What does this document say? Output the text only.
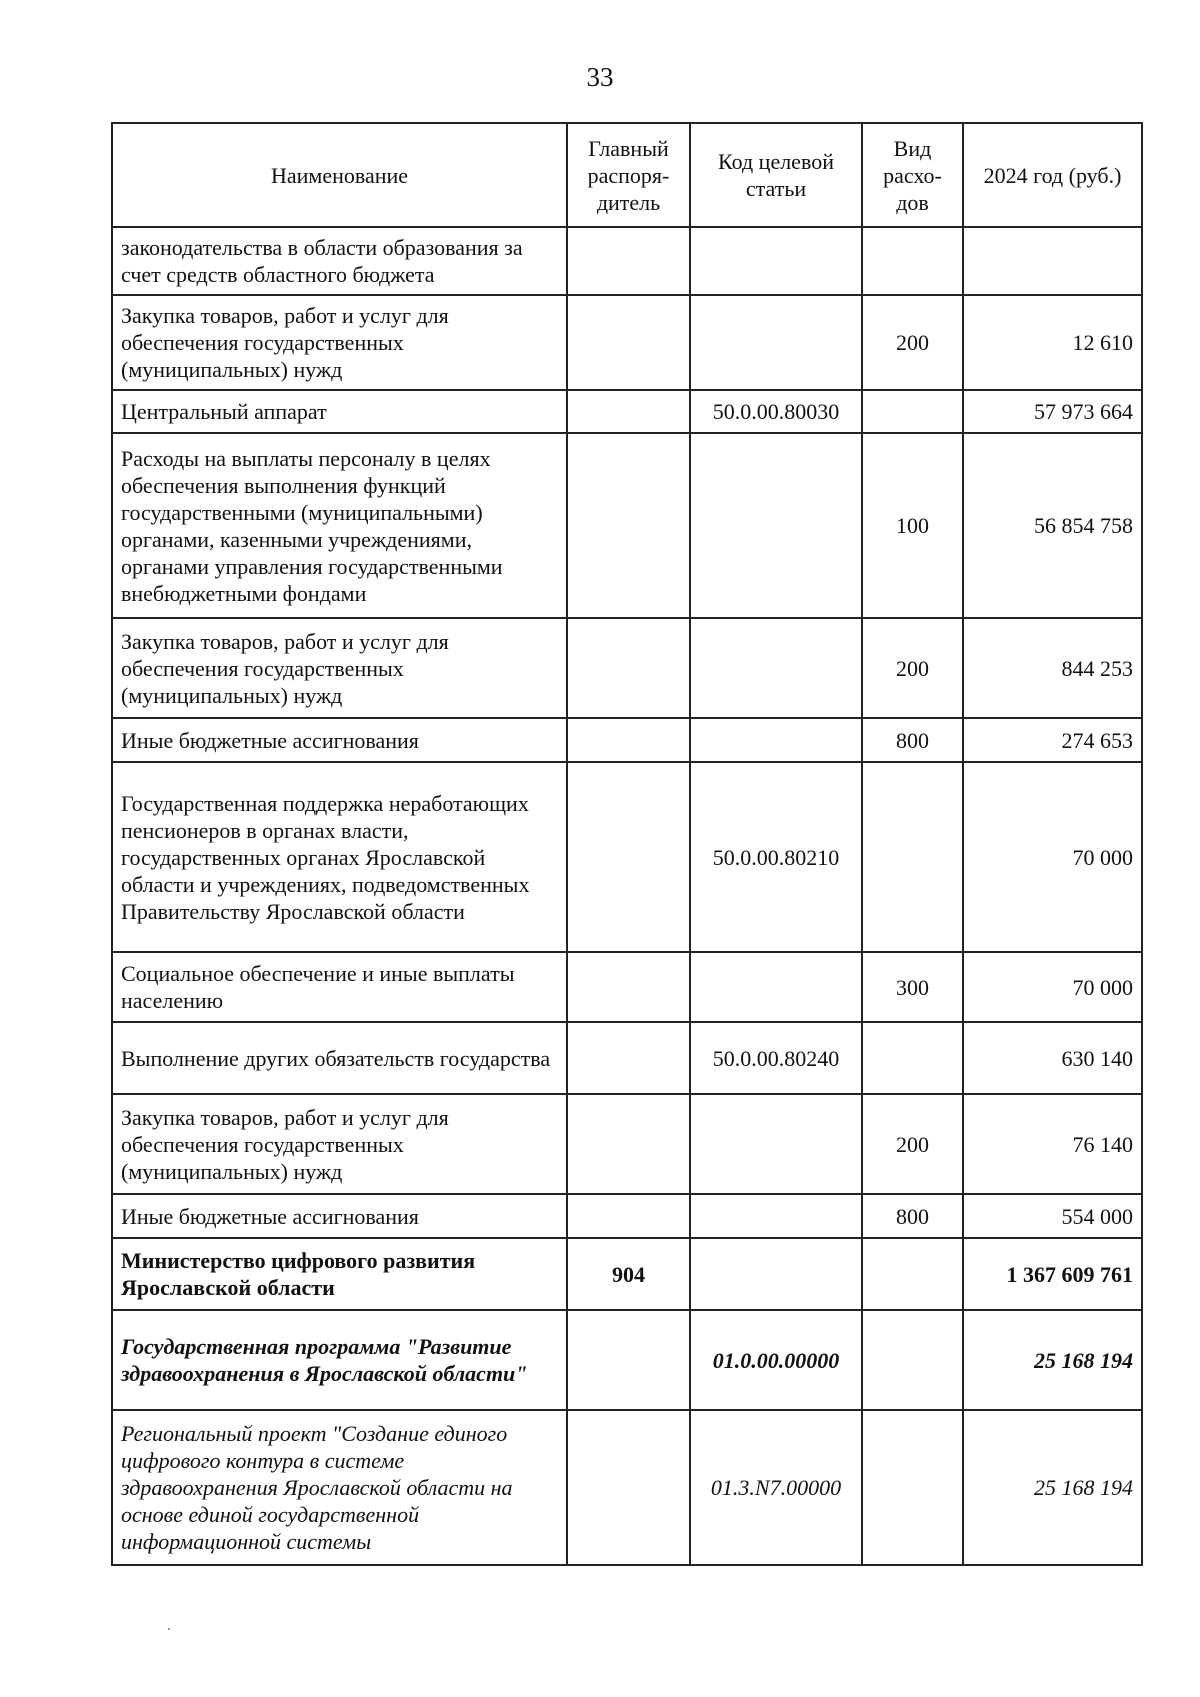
33
Наименование	Главный распоря-дитель	Код целевой статьи	Вид расхо-дов	2024 год (руб.)
законодательства в области образования за счет средств областного бюджета				
Закупка товаров, работ и услуг для обеспечения государственных (муниципальных) нужд			200	12 610
Центральный аппарат		50.0.00.80030		57 973 664
Расходы на выплаты персоналу в целях обеспечения выполнения функций государственными (муниципальными) органами, казенными учреждениями, органами управления государственными внебюджетными фондами			100	56 854 758
Закупка товаров, работ и услуг для обеспечения государственных (муниципальных) нужд			200	844 253
Иные бюджетные ассигнования			800	274 653
Государственная поддержка неработающих пенсионеров в органах власти, государственных органах Ярославской области и учреждениях, подведомственных Правительству Ярославской области		50.0.00.80210		70 000
Социальное обеспечение и иные выплаты населению			300	70 000
Выполнение других обязательств государства		50.0.00.80240		630 140
Закупка товаров, работ и услуг для обеспечения государственных (муниципальных) нужд			200	76 140
Иные бюджетные ассигнования			800	554 000
Министерство цифрового развития Ярославской области	904			1 367 609 761
Государственная программа "Развитие здравоохранения в Ярославской области"		01.0.00.00000		25 168 194
Региональный проект "Создание единого цифрового контура в системе здравоохранения Ярославской области на основе единой государственной информационной системы		01.3.N7.00000		25 168 194
